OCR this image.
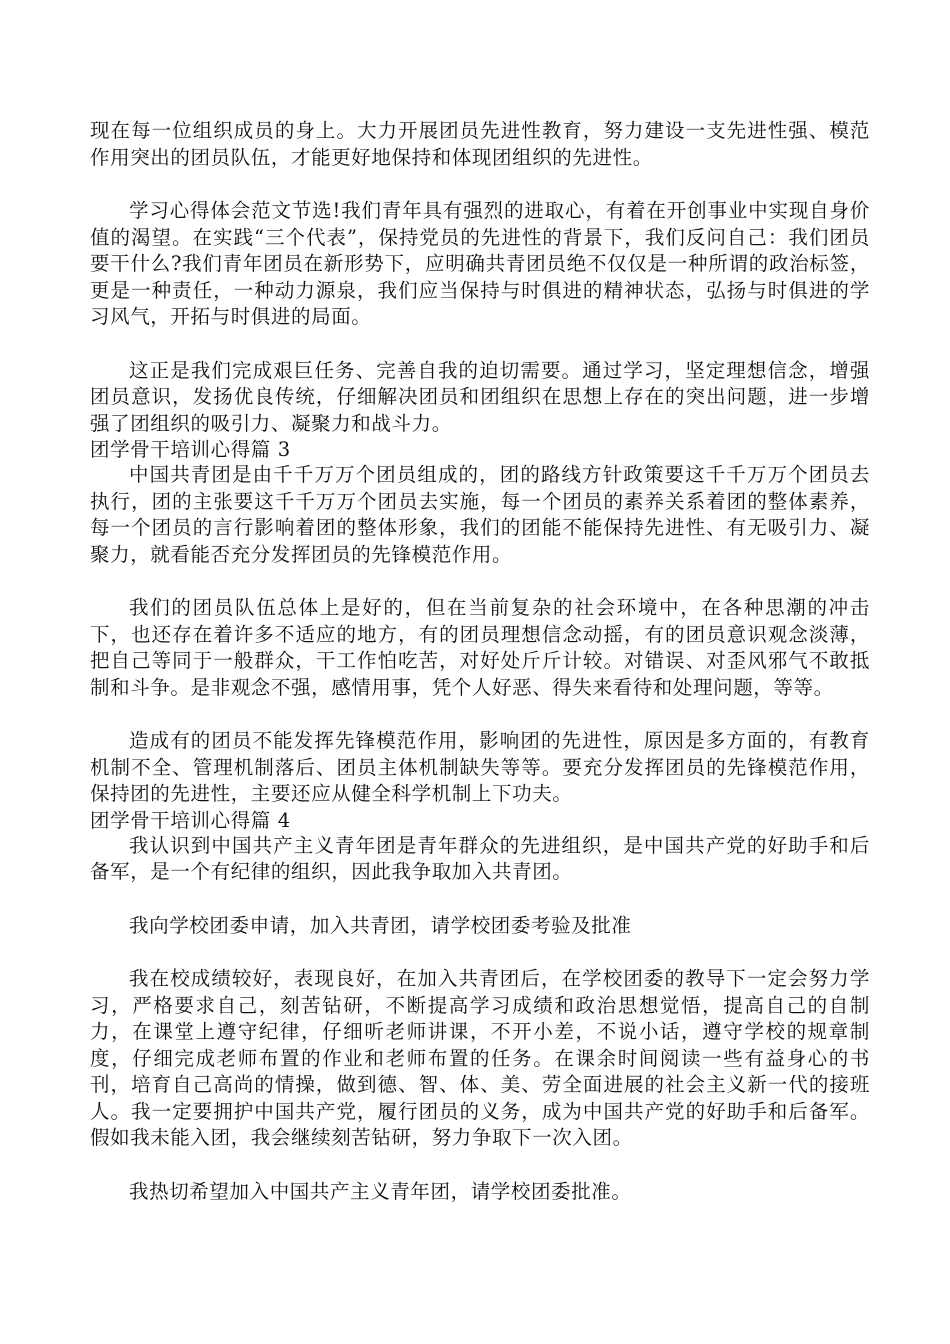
现在每一位组织成员的身上。大力开展团员先进性教育，努力建设一支先进性强、模范作用突出的团员队伍，才能更好地保持和体现团组织的先进性。

学习心得体会范文节选!我们青年具有强烈的进取心，有着在开创事业中实现自身价值的渴望。在实践“三个代表”，保持党员的先进性的背景下，我们反问自己：我们团员要干什么?我们青年团员在新形势下，应明确共青团员绝不仅仅是一种所谓的政治标签，更是一种责任，一种动力源泉，我们应当保持与时俱进的精神状态，弘扬与时俱进的学习风气，开拓与时俱进的局面。

这正是我们完成艰巨任务、完善自我的迫切需要。通过学习，坚定理想信念，增强团员意识，发扬优良传统，仔细解决团员和团组织在思想上存在的突出问题，进一步增强了团组织的吸引力、凝聚力和战斗力。

团学骨干培训心得篇 3

中国共青团是由千千万万个团员组成的，团的路线方针政策要这千千万万个团员去执行，团的主张要这千千万万个团员去实施，每一个团员的素养关系着团的整体素养，每一个团员的言行影响着团的整体形象，我们的团能不能保持先进性、有无吸引力、凝聚力，就看能否充分发挥团员的先锋模范作用。

我们的团员队伍总体上是好的，但在当前复杂的社会环境中，在各种思潮的冲击下，也还存在着许多不适应的地方，有的团员理想信念动摇，有的团员意识观念淡薄，把自己等同于一般群众，干工作怕吃苦，对好处斤斤计较。对错误、对歪风邪气不敢抵制和斗争。是非观念不强，感情用事，凭个人好恶、得失来看待和处理问题，等等。

造成有的团员不能发挥先锋模范作用，影响团的先进性，原因是多方面的，有教育机制不全、管理机制落后、团员主体机制缺失等等。要充分发挥团员的先锋模范作用，保持团的先进性，主要还应从健全科学机制上下功夫。

团学骨干培训心得篇 4

我认识到中国共产主义青年团是青年群众的先进组织，是中国共产党的好助手和后备军，是一个有纪律的组织，因此我争取加入共青团。

我向学校团委申请，加入共青团，请学校团委考验及批准

我在校成绩较好，表现良好，在加入共青团后，在学校团委的教导下一定会努力学习，严格要求自己，刻苦钻研，不断提高学习成绩和政治思想觉悟，提高自己的自制力，在课堂上遵守纪律，仔细听老师讲课，不开小差，不说小话，遵守学校的规章制度，仔细完成老师布置的作业和老师布置的任务。在课余时间阅读一些有益身心的书刊，培育自己高尚的情操，做到德、智、体、美、劳全面进展的社会主义新一代的接班人。我一定要拥护中国共产党，履行团员的义务，成为中国共产党的好助手和后备军。假如我未能入团，我会继续刻苦钻研，努力争取下一次入团。

我热切希望加入中国共产主义青年团，请学校团委批准。
